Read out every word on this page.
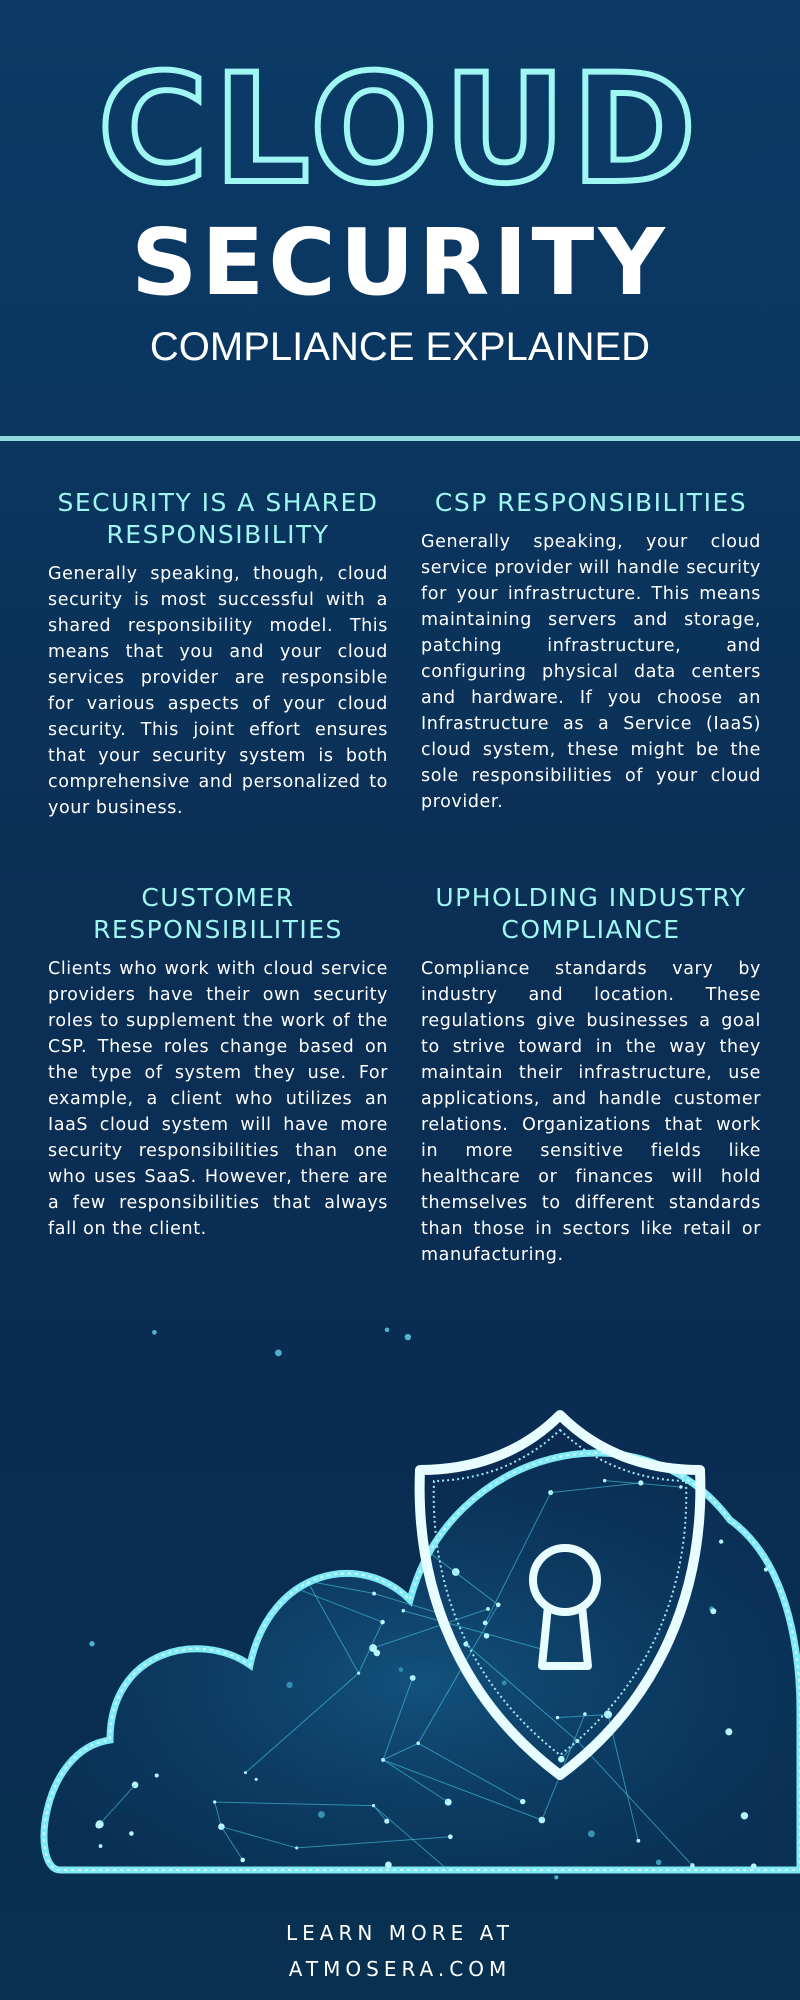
CLOUD
SECURITY
COMPLIANCE EXPLAINED
SECURITY IS A SHARED RESPONSIBILITY

Generally speaking, though, cloud security is most successful with a shared responsibility model. This means that you and your cloud services provider are responsible for various aspects of your cloud security. This joint effort ensures that your security system is both comprehensive and personalized to your business.

CSP RESPONSIBILITIES

Generally speaking, your cloud service provider will handle security for your infrastructure. This means maintaining servers and storage, patching infrastructure, and configuring physical data centers and hardware. If you choose an Infrastructure as a Service (IaaS) cloud system, these might be the sole responsibilities of your cloud provider.

CUSTOMER RESPONSIBILITIES

Clients who work with cloud service providers have their own security roles to supplement the work of the CSP. These roles change based on the type of system they use. For example, a client who utilizes an IaaS cloud system will have more security responsibilities than one who uses SaaS. However, there are a few responsibilities that always fall on the client.

UPHOLDING INDUSTRY COMPLIANCE

Compliance standards vary by industry and location. These regulations give businesses a goal to strive toward in the way they maintain their infrastructure, use applications, and handle customer relations. Organizations that work in more sensitive fields like healthcare or finances will hold themselves to different standards than those in sectors like retail or manufacturing.

LEARN MORE AT
ATMOSERA.COM
